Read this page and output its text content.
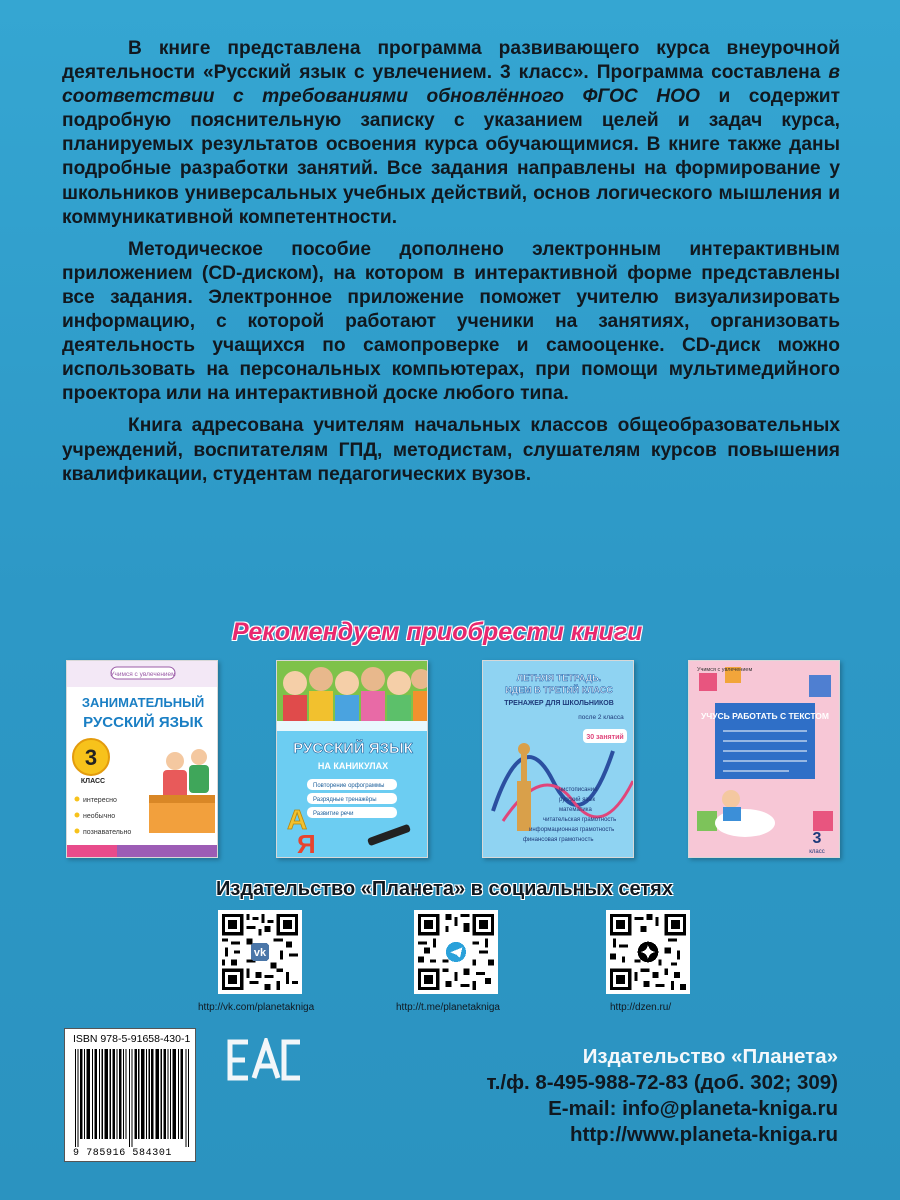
В книге представлена программа развивающего курса внеурочной деятельности «Русский язык с увлечением. 3 класс». Программа составлена в соответствии с требованиями обновлённого ФГОС НОО и содержит подробную пояснительную записку с указанием целей и задач курса, планируемых результатов освоения курса обучающимися. В книге также даны подробные разработки занятий. Все задания направлены на формирование у школьников универсальных учебных действий, основ логического мышления и коммуникативной компетентности.

Методическое пособие дополнено электронным интерактивным приложением (CD-диском), на котором в интерактивной форме представлены все задания. Электронное приложение поможет учителю визуализировать информацию, с которой работают ученики на занятиях, организовать деятельность учащихся по самопроверке и самооценке. CD-диск можно использовать на персональных компьютерах, при помощи мультимедийного проектора или на интерактивной доске любого типа.

Книга адресована учителям начальных классов общеобразовательных учреждений, воспитателям ГПД, методистам, слушателям курсов повышения квалификации, студентам педагогических вузов.

Рекомендуем приобрести книги
Учимся с увлечением
ЗАНИМАТЕЛЬНЫЙ
РУССКИЙ ЯЗЫК
3
КЛАСС
интересно
необычно
познавательно
РУССКИЙ ЯЗЫК
НА КАНИКУЛАХ
Повторение орфограммы
Разрядные тренажёры
Развитие речи
А
Я
ЛЕТНЯЯ ТЕТРАДЬ.
ИДЕМ В ТРЕТИЙ КЛАСС
ТРЕНАЖЕР ДЛЯ ШКОЛЬНИКОВ
после 2 класса
30 занятий
чистописание
русский язык
математика
читательская грамотность
информационная грамотность
финансовая грамотность
Учимся с увлечением
УЧУСЬ РАБОТАТЬ С ТЕКСТОМ
3
класс
Издательство «Планета» в социальных сетях
vk
http://vk.com/planetakniga	http://t.me/planetakniga	http://dzen.ru/
ISBN 978-5-91658-430-1
9 785916 584301
EAC
Издательство «Планета»
т./ф. 8-495-988-72-83 (доб. 302; 309)
E-mail: info@planeta-kniga.ru
http://www.planeta-kniga.ru
